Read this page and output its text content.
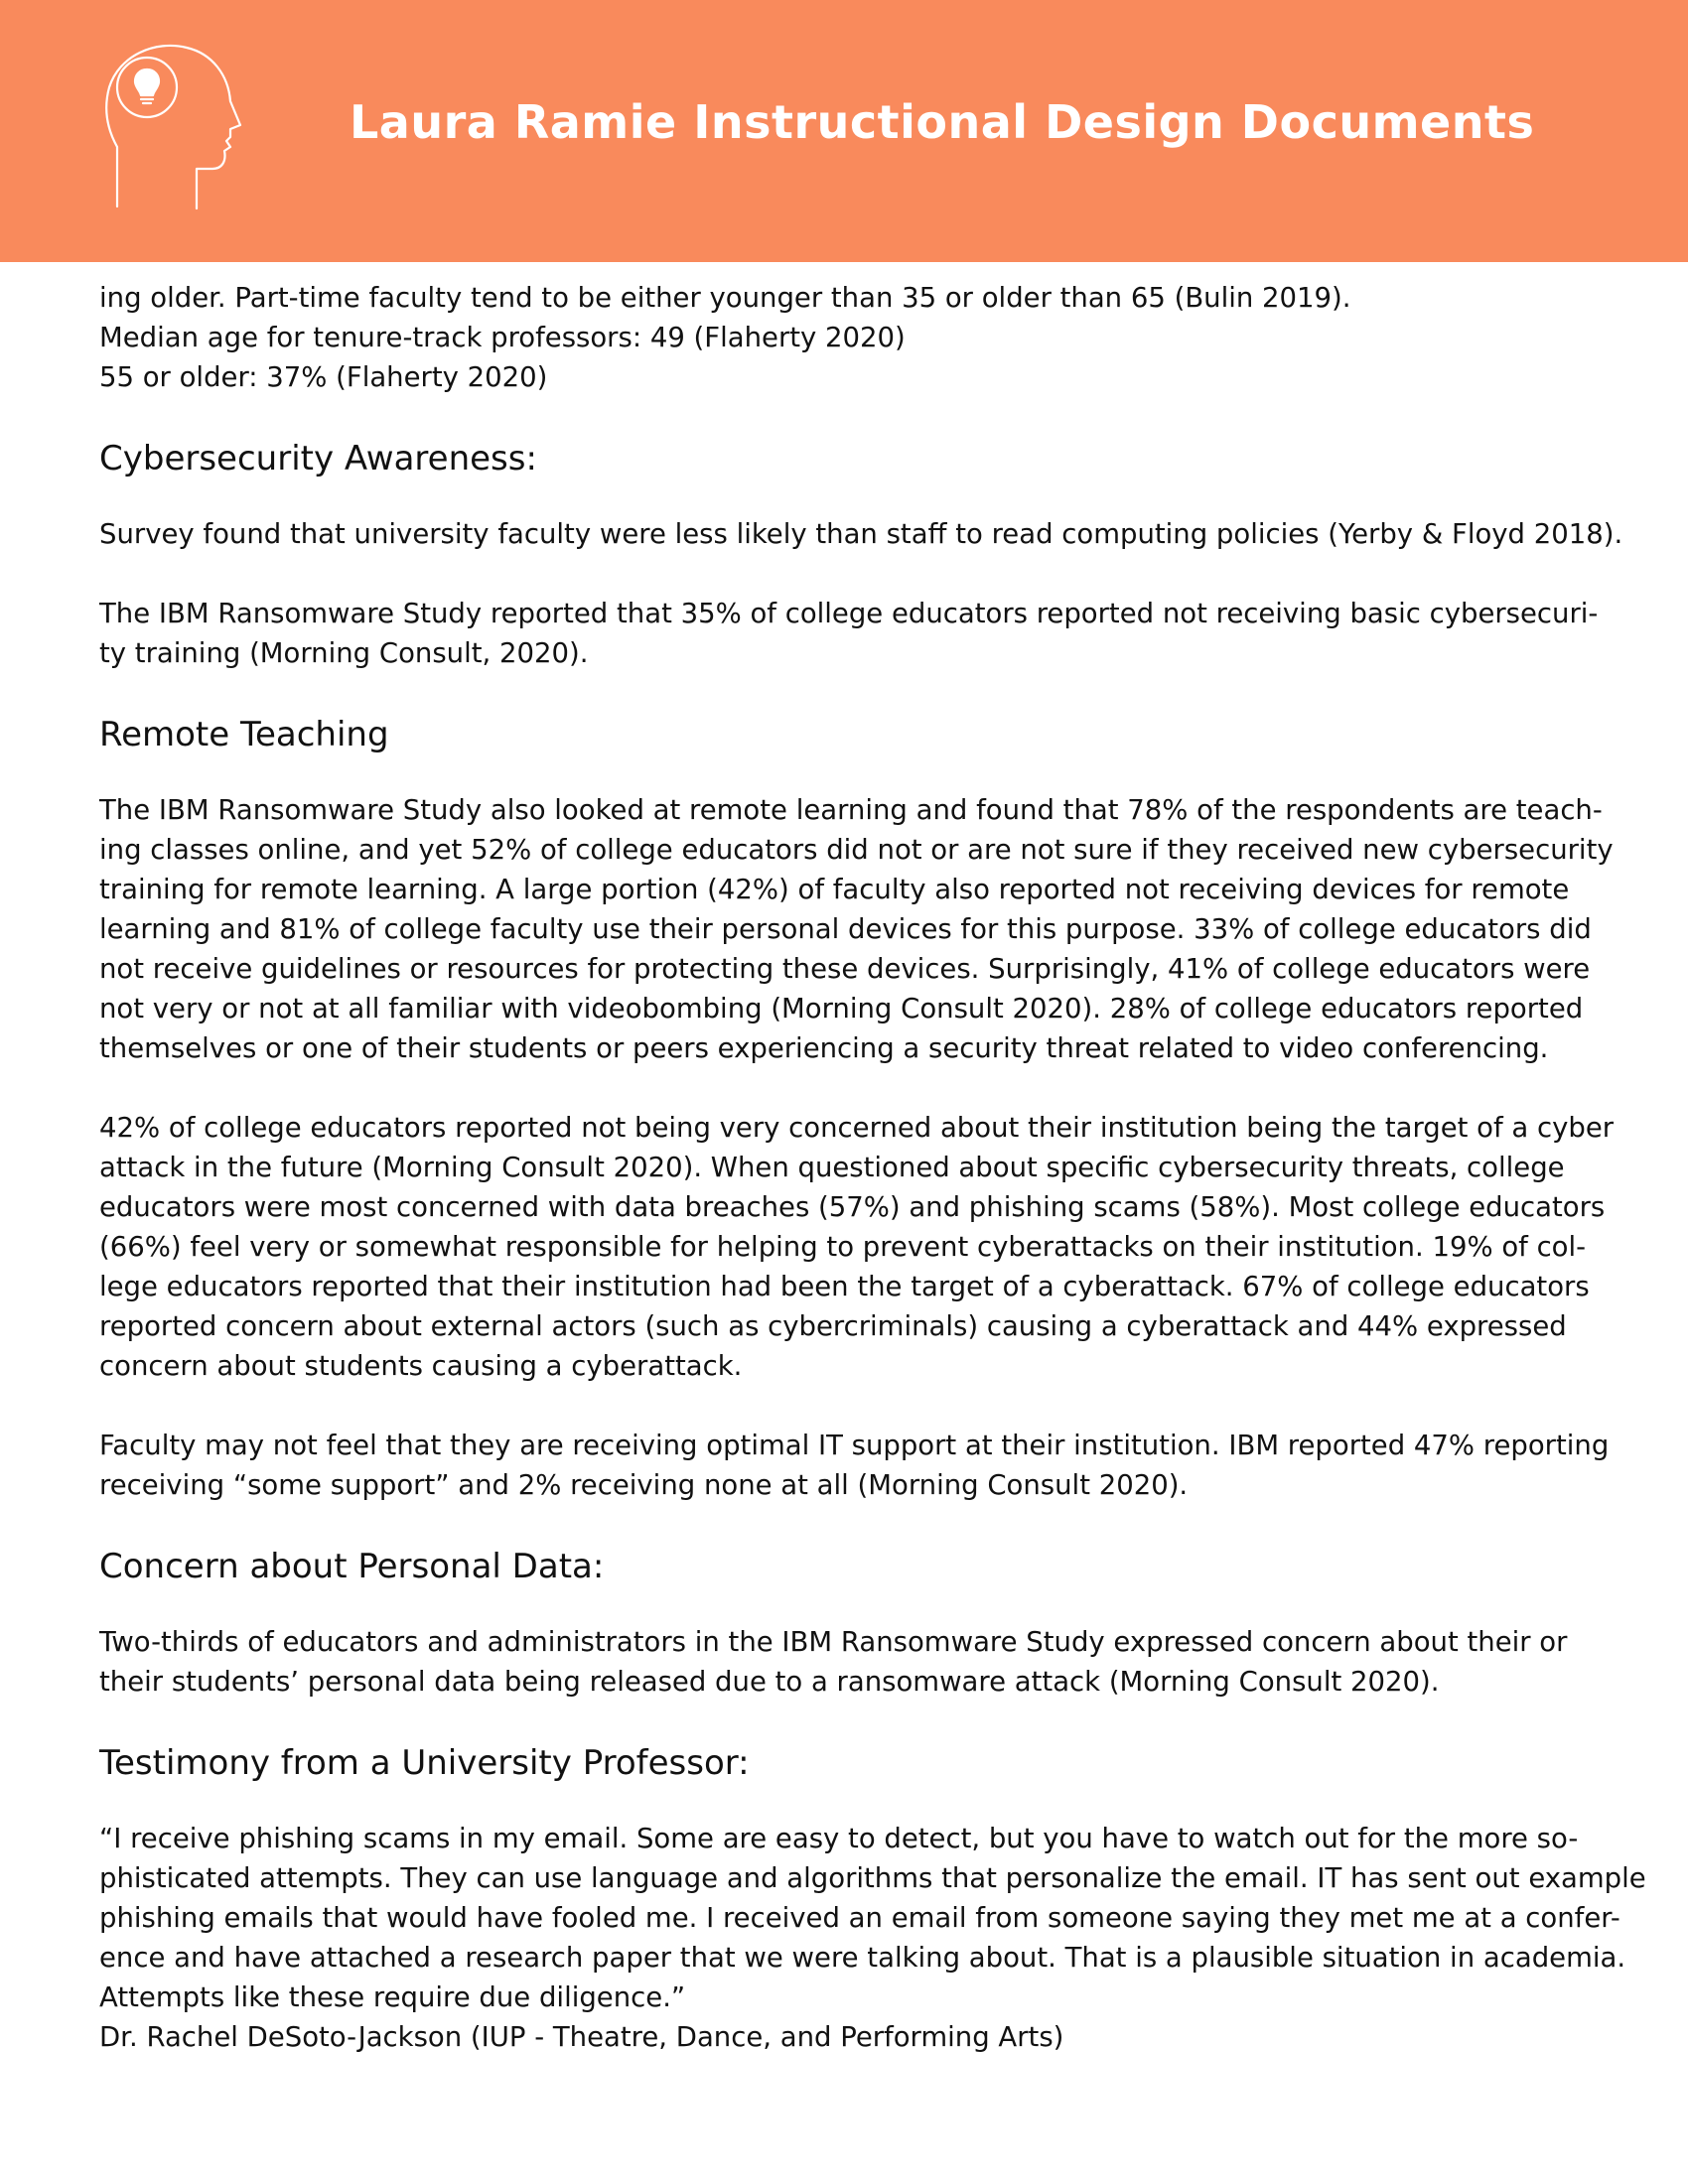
Laura Ramie Instructional Design Documents
ing older. Part-time faculty tend to be either younger than 35 or older than 65 (Bulin 2019).
Median age for tenure-track professors: 49 (Flaherty 2020)
55 or older: 37% (Flaherty 2020)
Cybersecurity Awareness:
Survey found that university faculty were less likely than staff to read computing policies (Yerby & Floyd 2018).
The IBM Ransomware Study reported that 35% of college educators reported not receiving basic cybersecuri-
ty training (Morning Consult, 2020).
Remote Teaching
The IBM Ransomware Study also looked at remote learning and found that 78% of the respondents are teach-
ing classes online, and yet 52% of college educators did not or are not sure if they received new cybersecurity
training for remote learning. A large portion (42%) of faculty also reported not receiving devices for remote
learning and 81% of college faculty use their personal devices for this purpose. 33% of college educators did
not receive guidelines or resources for protecting these devices. Surprisingly, 41% of college educators were
not very or not at all familiar with videobombing (Morning Consult 2020). 28% of college educators reported
themselves or one of their students or peers experiencing a security threat related to video conferencing.
42% of college educators reported not being very concerned about their institution being the target of a cyber
attack in the future (Morning Consult 2020). When questioned about specific cybersecurity threats, college
educators were most concerned with data breaches (57%) and phishing scams (58%). Most college educators
(66%) feel very or somewhat responsible for helping to prevent cyberattacks on their institution. 19% of col-
lege educators reported that their institution had been the target of a cyberattack. 67% of college educators
reported concern about external actors (such as cybercriminals) causing a cyberattack and 44% expressed
concern about students causing a cyberattack.
Faculty may not feel that they are receiving optimal IT support at their institution. IBM reported 47% reporting
receiving “some support” and 2% receiving none at all (Morning Consult 2020).
Concern about Personal Data:
Two-thirds of educators and administrators in the IBM Ransomware Study expressed concern about their or
their students’ personal data being released due to a ransomware attack (Morning Consult 2020).
Testimony from a University Professor:
“I receive phishing scams in my email. Some are easy to detect, but you have to watch out for the more so-
phisticated attempts. They can use language and algorithms that personalize the email. IT has sent out example
phishing emails that would have fooled me. I received an email from someone saying they met me at a confer-
ence and have attached a research paper that we were talking about. That is a plausible situation in academia.
Attempts like these require due diligence.”
Dr. Rachel DeSoto-Jackson (IUP - Theatre, Dance, and Performing Arts)
